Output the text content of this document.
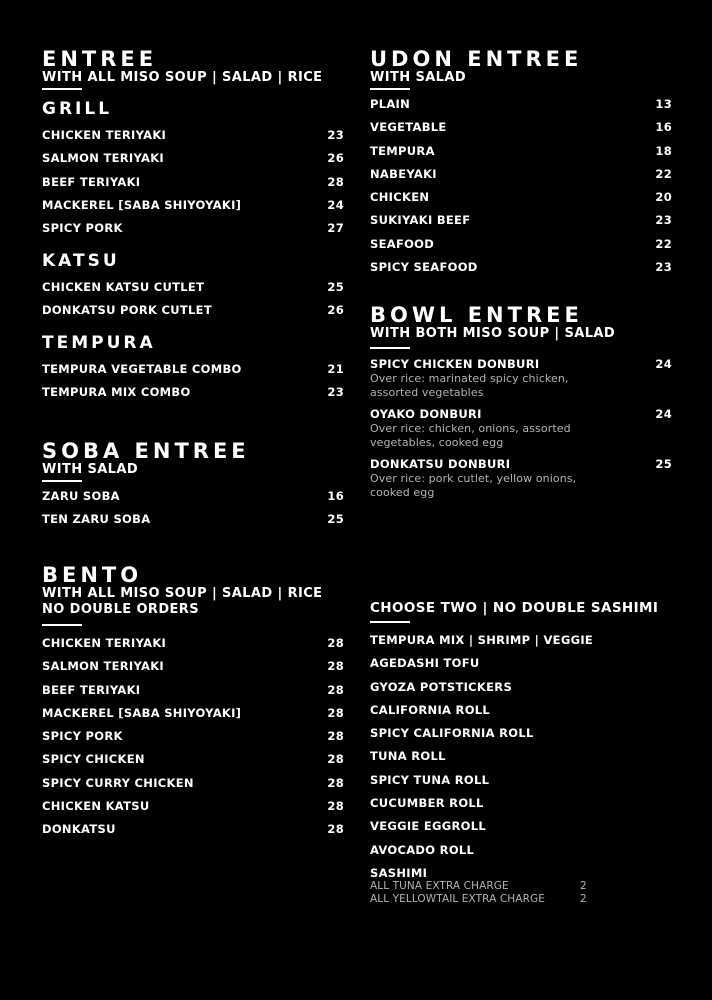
ENTREE
WITH ALL MISO SOUP | SALAD | RICE
GRILL
CHICKEN TERIYAKI	23
SALMON TERIYAKI	26
BEEF TERIYAKI	28
MACKEREL [SABA SHIYOYAKI]	24
SPICY PORK	27
KATSU
CHICKEN KATSU CUTLET	25
DONKATSU PORK CUTLET	26
TEMPURA
TEMPURA VEGETABLE COMBO	21
TEMPURA MIX COMBO	23
SOBA ENTREE
WITH SALAD
ZARU SOBA	16
TEN ZARU SOBA	25
BENTO
WITH ALL MISO SOUP | SALAD | RICE
NO DOUBLE ORDERS
CHICKEN TERIYAKI	28
SALMON TERIYAKI	28
BEEF TERIYAKI	28
MACKEREL [SABA SHIYOYAKI]	28
SPICY PORK	28
SPICY CHICKEN	28
SPICY CURRY CHICKEN	28
CHICKEN KATSU	28
DONKATSU	28
UDON ENTREE
WITH SALAD
PLAIN	13
VEGETABLE	16
TEMPURA	18
NABEYAKI	22
CHICKEN	20
SUKIYAKI BEEF	23
SEAFOOD	22
SPICY SEAFOOD	23
BOWL ENTREE
WITH BOTH MISO SOUP | SALAD
SPICY CHICKEN DONBURI	24
Over rice: marinated spicy chicken, assorted vegetables
OYAKO DONBURI	24
Over rice: chicken, onions, assorted vegetables, cooked egg
DONKATSU DONBURI	25
Over rice: pork cutlet, yellow onions, cooked egg
CHOOSE TWO | NO DOUBLE SASHIMI
TEMPURA MIX | SHRIMP | VEGGIE
AGEDASHI TOFU
GYOZA POTSTICKERS
CALIFORNIA ROLL
SPICY CALIFORNIA ROLL
TUNA ROLL
SPICY TUNA ROLL
CUCUMBER ROLL
VEGGIE EGGROLL
AVOCADO ROLL
SASHIMI
ALL TUNA EXTRA CHARGE	2
ALL YELLOWTAIL EXTRA CHARGE	2
